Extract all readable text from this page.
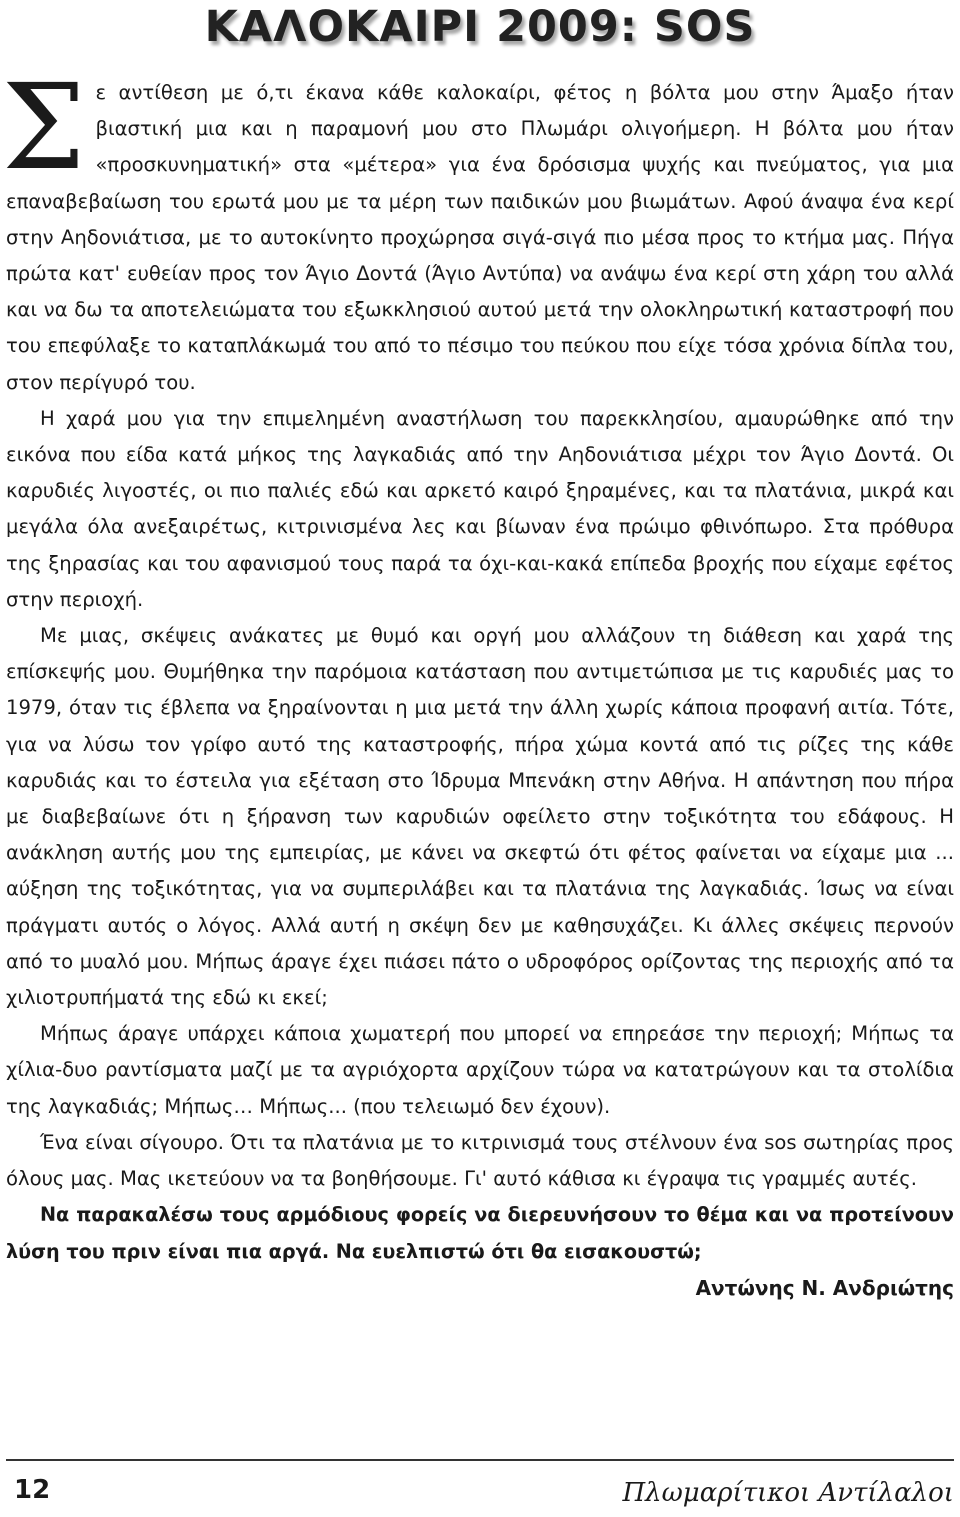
ΚΑΛΟΚΑΙΡΙ 2009: SOS

Σε αντίθεση με ό,τι έκανα κάθε καλοκαίρι, φέτος η βόλτα μου στην Άμαξο ήταν βιαστική μια και η παραμονή μου στο Πλωμάρι ολιγοήμερη. Η βόλτα μου ήταν «προσκυνηματική» στα «μέτερα» για ένα δρόσισμα ψυχής και πνεύματος, για μια επαναβεβαίωση του ερωτά μου με τα μέρη των παιδικών μου βιωμάτων. Αφού άναψα ένα κερί στην Αηδονιάτισα, με το αυτοκίνητο προχώρησα σιγά-σιγά πιο μέσα προς το κτήμα μας. Πήγα πρώτα κατ' ευθείαν προς τον Άγιο Δοντά (Άγιο Αντύπα) να ανάψω ένα κερί στη χάρη του αλλά και να δω τα αποτελειώματα του εξωκκλησιού αυτού μετά την ολοκληρωτική καταστροφή που του επεφύλαξε το καταπλάκωμά του από το πέσιμο του πεύκου που είχε τόσα χρόνια δίπλα του, στον περίγυρό του.

Η χαρά μου για την επιμελημένη αναστήλωση του παρεκκλησίου, αμαυρώθηκε από την εικόνα που είδα κατά μήκος της λαγκαδιάς από την Αηδονιάτισα μέχρι τον Άγιο Δοντά. Οι καρυδιές λιγοστές, οι πιο παλιές εδώ και αρκετό καιρό ξηραμένες, και τα πλατάνια, μικρά και μεγάλα όλα ανεξαιρέτως, κιτρινισμένα λες και βίωναν ένα πρώιμο φθινόπωρο. Στα πρόθυρα της ξηρασίας και του αφανισμού τους παρά τα όχι-και-κακά επίπεδα βροχής που είχαμε εφέτος στην περιοχή.

Με μιας, σκέψεις ανάκατες με θυμό και οργή μου αλλάζουν τη διάθεση και χαρά της επίσκεψής μου. Θυμήθηκα την παρόμοια κατάσταση που αντιμετώπισα με τις καρυδιές μας το 1979, όταν τις έβλεπα να ξηραίνονται η μια μετά την άλλη χωρίς κάποια προφανή αιτία. Τότε, για να λύσω τον γρίφο αυτό της καταστροφής, πήρα χώμα κοντά από τις ρίζες της κάθε καρυδιάς και το έστειλα για εξέταση στο Ίδρυμα Μπενάκη στην Αθήνα. Η απάντηση που πήρα με διαβεβαίωνε ότι η ξήρανση των καρυδιών οφείλετο στην τοξικότητα του εδάφους. Η ανάκληση αυτής μου της εμπειρίας, με κάνει να σκεφτώ ότι φέτος φαίνεται να είχαμε μια ... αύξηση της τοξικότητας, για να συμπεριλάβει και τα πλατάνια της λαγκαδιάς. Ίσως να είναι πράγματι αυτός ο λόγος. Αλλά αυτή η σκέψη δεν με καθησυχάζει. Κι άλλες σκέψεις περνούν από το μυαλό μου. Μήπως άραγε έχει πιάσει πάτο ο υδροφόρος ορίζοντας της περιοχής από τα χιλιοτρυπήματά της εδώ κι εκεί;

Μήπως άραγε υπάρχει κάποια χωματερή που μπορεί να επηρεάσε την περιοχή; Μήπως τα χίλια-δυο ραντίσματα μαζί με τα αγριόχορτα αρχίζουν τώρα να κατατρώγουν και τα στολίδια της λαγκαδιάς; Μήπως… Μήπως... (που τελειωμό δεν έχουν).

Ένα είναι σίγουρο. Ότι τα πλατάνια με το κιτρινισμά τους στέλνουν ένα sos σωτηρίας προς όλους μας. Μας ικετεύουν να τα βοηθήσουμε. Γι' αυτό κάθισα κι έγραψα τις γραμμές αυτές.

Να παρακαλέσω τους αρμόδιους φορείς να διερευνήσουν το θέμα και να προτείνουν λύση του πριν είναι πια αργά. Να ευελπιστώ ότι θα εισακουστώ;

Αντώνης Ν. Ανδριώτης

12	Πλωμαρίτικοι Αντίλαλοι
